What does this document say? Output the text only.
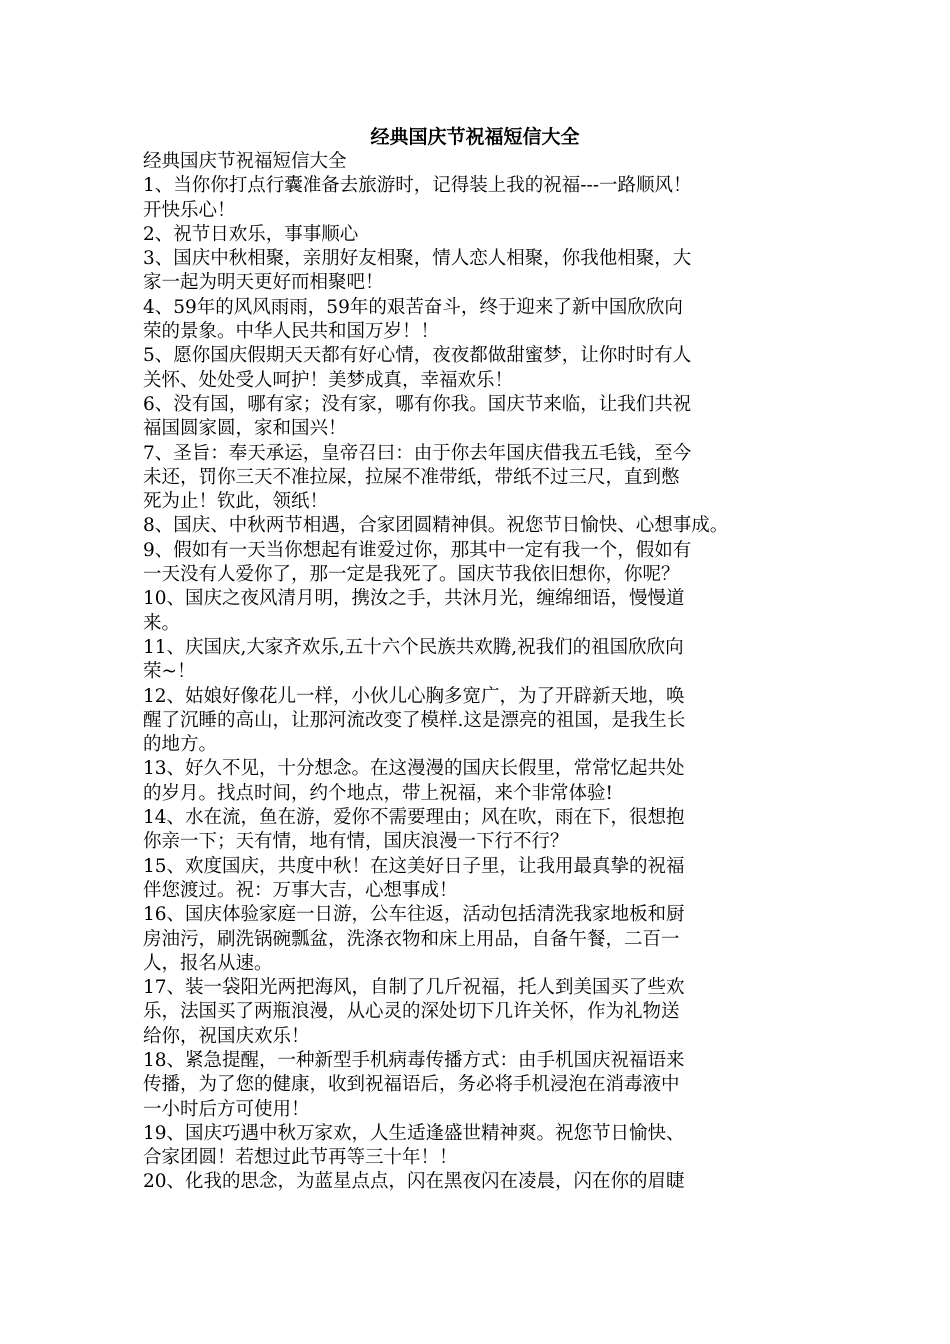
经典国庆节祝福短信大全
经典国庆节祝福短信大全
1、当你你打点行囊准备去旅游时，记得装上我的祝福---一路顺风！
开快乐心！
2、祝节日欢乐，事事顺心
3、国庆中秋相聚，亲朋好友相聚，情人恋人相聚，你我他相聚，大
家一起为明天更好而相聚吧！
4、59年的风风雨雨，59年的艰苦奋斗，终于迎来了新中国欣欣向
荣的景象。中华人民共和国万岁！！
5、愿你国庆假期天天都有好心情，夜夜都做甜蜜梦，让你时时有人
关怀、处处受人呵护！美梦成真，幸福欢乐！
6、没有国，哪有家；没有家，哪有你我。国庆节来临，让我们共祝
福国圆家圆，家和国兴！
7、圣旨：奉天承运，皇帝召曰：由于你去年国庆借我五毛钱，至今
未还，罚你三天不准拉屎，拉屎不准带纸，带纸不过三尺，直到憋
死为止！钦此，领纸！
8、国庆、中秋两节相遇，合家团圆精神俱。祝您节日愉快、心想事成。
9、假如有一天当你想起有谁爱过你，那其中一定有我一个，假如有
一天没有人爱你了，那一定是我死了。国庆节我依旧想你，你呢？
10、国庆之夜风清月明，携汝之手，共沐月光，缠绵细语，慢慢道
来。
11、庆国庆,大家齐欢乐,五十六个民族共欢腾,祝我们的祖国欣欣向
荣~！
12、姑娘好像花儿一样，小伙儿心胸多宽广，为了开辟新天地，唤
醒了沉睡的高山，让那河流改变了模样.这是漂亮的祖国，是我生长
的地方。
13、好久不见，十分想念。在这漫漫的国庆长假里，常常忆起共处
的岁月。找点时间，约个地点，带上祝福，来个非常体验!
14、水在流，鱼在游，爱你不需要理由；风在吹，雨在下，很想抱
你亲一下；天有情，地有情，国庆浪漫一下行不行？
15、欢度国庆，共度中秋！在这美好日子里，让我用最真挚的祝福
伴您渡过。祝：万事大吉，心想事成！
16、国庆体验家庭一日游，公车往返，活动包括清洗我家地板和厨
房油污，刷洗锅碗瓢盆，洗涤衣物和床上用品，自备午餐，二百一
人，报名从速。
17、装一袋阳光两把海风，自制了几斤祝福，托人到美国买了些欢
乐，法国买了两瓶浪漫，从心灵的深处切下几许关怀，作为礼物送
给你，祝国庆欢乐！
18、紧急提醒，一种新型手机病毒传播方式：由手机国庆祝福语来
传播，为了您的健康，收到祝福语后，务必将手机浸泡在消毒液中
一小时后方可使用！
19、国庆巧遇中秋万家欢，人生适逢盛世精神爽。祝您节日愉快、
合家团圆！若想过此节再等三十年！！
20、化我的思念，为蓝星点点，闪在黑夜闪在凌晨，闪在你的眉睫
